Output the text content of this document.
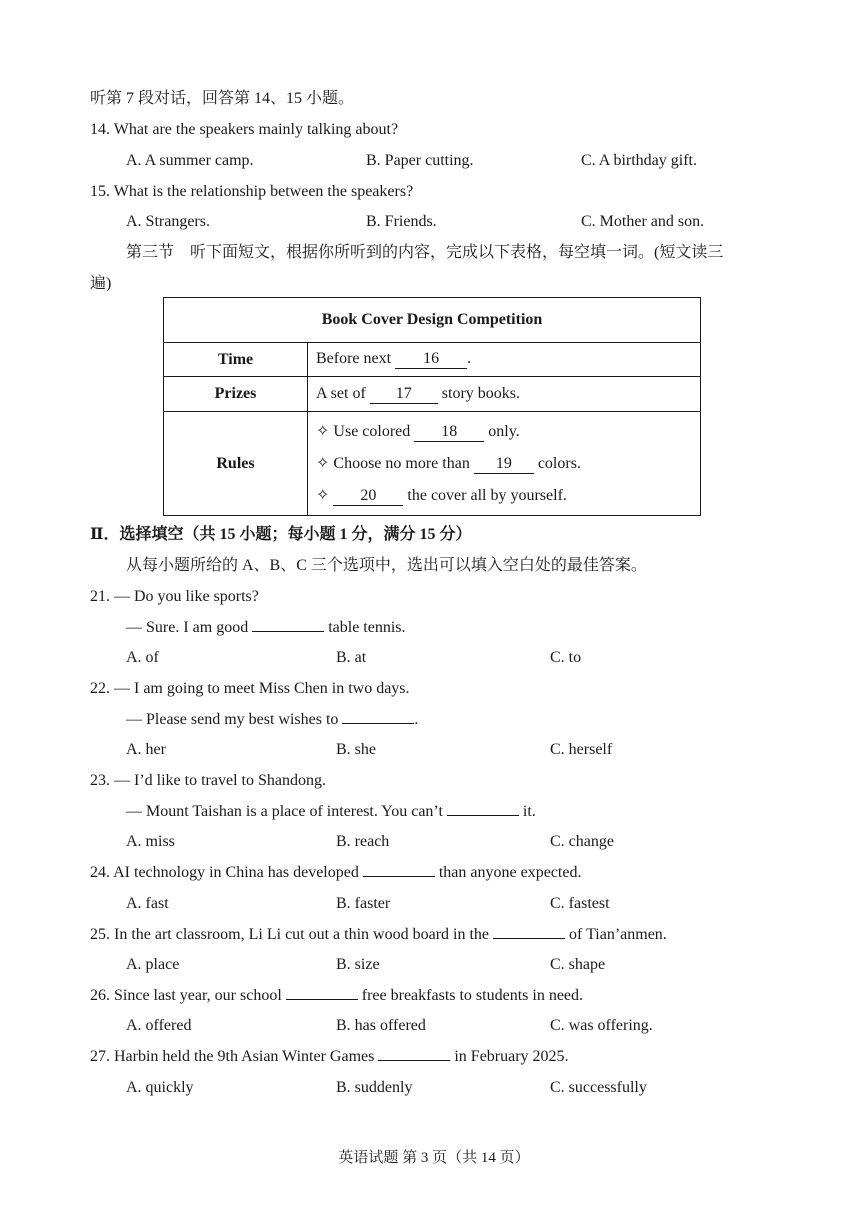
听第 7 段对话，回答第 14、15 小题。
14. What are the speakers mainly talking about?
A. A summer camp.	B. Paper cutting.	C. A birthday gift.
15. What is the relationship between the speakers?
A. Strangers.	B. Friends.	C. Mother and son.
第三节　听下面短文，根据你所听到的内容，完成以下表格，每空填一词。(短文读三
遍)
Book Cover Design Competition	
Time	Before next 16 .
Prizes	A set of 17 story books.
Rules	✧ Use colored 18 only.
✧ Choose no more than 19 colors.
✧ 20 the cover all by yourself.
Ⅱ．选择填空（共 15 小题；每小题 1 分，满分 15 分）
从每小题所给的 A、B、C 三个选项中，选出可以填入空白处的最佳答案。
21. — Do you like sports?
— Sure. I am good	table tennis.
A. of	B. at	C. to
22. — I am going to meet Miss Chen in two days.
— Please send my best wishes to	.
A. her	B. she	C. herself
23. — I’d like to travel to Shandong.
— Mount Taishan is a place of interest. You can’t	it.
A. miss	B. reach	C. change
24. AI technology in China has developed	than anyone expected.
A. fast	B. faster	C. fastest
25. In the art classroom, Li Li cut out a thin wood board in the	of Tian’anmen.
A. place	B. size	C. shape
26. Since last year, our school	free breakfasts to students in need.
A. offered	B. has offered	C. was offering.
27. Harbin held the 9th Asian Winter Games	in February 2025.
A. quickly	B. suddenly	C. successfully
英语试题 第 3 页（共 14 页）
